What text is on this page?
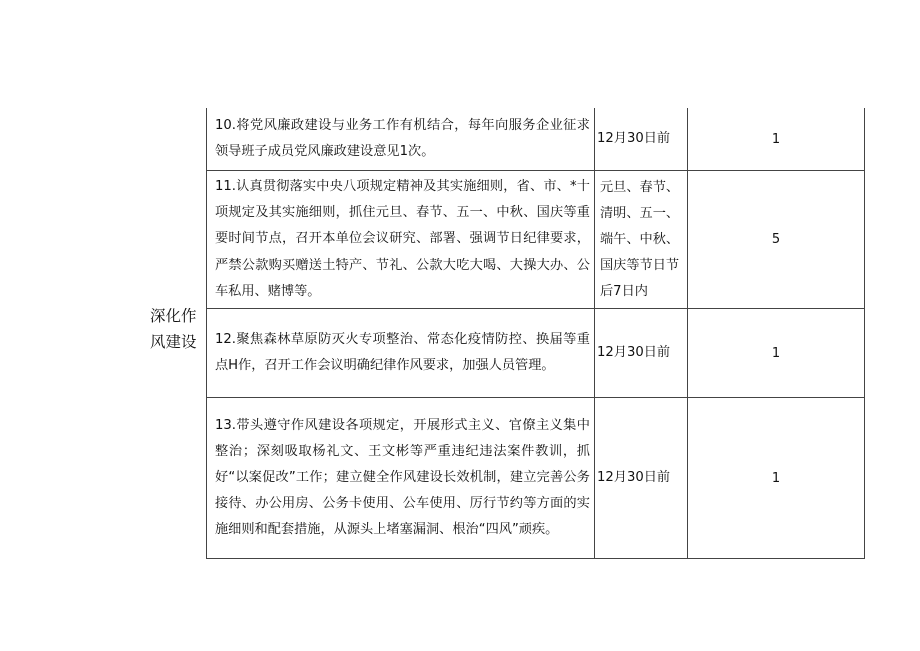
深化作
风建设
10.将党风廉政建设与业务工作有机结合，每年向服务企业征求领导班子成员党风廉政建设意见1次。	12月30日前	1
11.认真贯彻落实中央八项规定精神及其实施细则，省、市、*十项规定及其实施细则，抓住元旦、春节、五一、中秋、国庆等重要时间节点，召开本单位会议研究、部署、强调节日纪律要求，严禁公款购买赠送土特产、节礼、公款大吃大喝、大操大办、公车私用、赌博等。	元旦、春节、清明、五一、端午、中秋、国庆等节日节后7日内	5
12.聚焦森林草原防灭火专项整治、常态化疫情防控、换届等重点H作，召开工作会议明确纪律作风要求，加强人员管理。	12月30日前	1
13.带头遵守作风建设各项规定，开展形式主义、官僚主义集中整治；深刻吸取杨礼文、王文彬等严重违纪违法案件教训，抓好“以案促改”工作；建立健全作风建设长效机制，建立完善公务接待、办公用房、公务卡使用、公车使用、厉行节约等方面的实施细则和配套措施，从源头上堵塞漏洞、根治“四风”顽疾。	12月30日前	1
